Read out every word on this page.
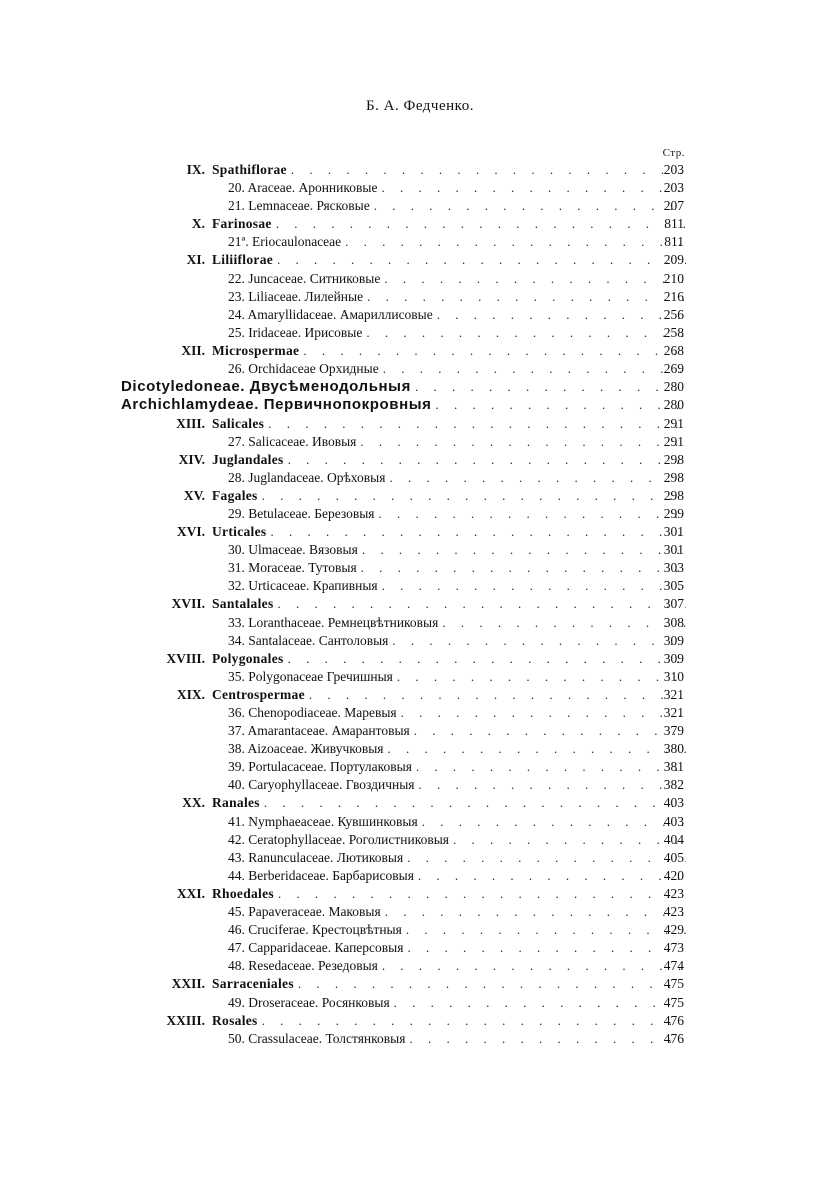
Б. А. Федченко.
Стр.
IX. Spathiflorae . . .	203
20. Araceae. Аронниковые . . .	203
21. Lemnaceae. Рясковые . . .	207
X. Farinosae . . .	811
21ª. Eriocaulonaceae . . .	811
XI. Liliiflorae . . .	209
22. Juncaceae. Ситниковые . . .	210
23. Liliaceae. Лилейные . . .	216
24. Amaryllidaceae. Амариллисовые . . .	256
25. Iridaceae. Ирисовые . . .	258
XII. Microspermae . . .	268
26. Orchidaceae Орхидные . . .	269
Dicotyledoneae. Двусѣменодольныя . . .	280
Archichlamydeae. Первичнопокровныя . . .	280
XIII. Salicales . . .	291
27. Salicaceae. Ивовыя . . .	291
XIV. Juglandales . . .	298
28. Juglandaceae. Орѣховыя . . .	298
XV. Fagales . . .	298
29. Betulaceae. Березовыя . . .	299
XVI. Urticales . . .	301
30. Ulmaceae. Вязовыя . . .	301
31. Moraceae. Тутовыя . . .	303
32. Urticaceae. Крапивныя . . .	305
XVII. Santalales . . .	307
33. Loranthaceae. Ремнецвѣтниковыя . . .	308
34. Santalaceae. Сантоловыя . . .	309
XVIII. Polygonales . . .	309
35. Polygonaceae Гречишныя . . .	310
XIX. Centrospermae . . .	321
36. Chenopodiaceae. Маревыя . . .	321
37. Amarantaceae. Амарантовыя . . .	379
38. Aizoaceae. Живучковыя . . .	380
39. Portulacaceae. Портулаковыя . . .	381
40. Caryophyllaceae. Гвоздичныя . . .	382
XX. Ranales . . .	403
41. Nymphaeaceae. Кувшинковыя . . .	403
42. Ceratophyllaceae. Роголистниковыя . . .	404
43. Ranunculaceae. Лютиковыя . . .	405
44. Berberidaceae. Барбарисовыя . . .	420
XXI. Rhoedales . . .	423
45. Papaveraceae. Маковыя . . .	423
46. Cruciferae. Крестоцвѣтныя . . .	429
47. Capparidaceae. Каперсовыя . . .	473
48. Resedaceae. Резедовыя . . .	474
XXII. Sarraceniales . . .	475
49. Droseraceae. Росянковыя . . .	475
XXIII. Rosales . . .	476
50. Crassulaceae. Толстянковыя . . .	476
